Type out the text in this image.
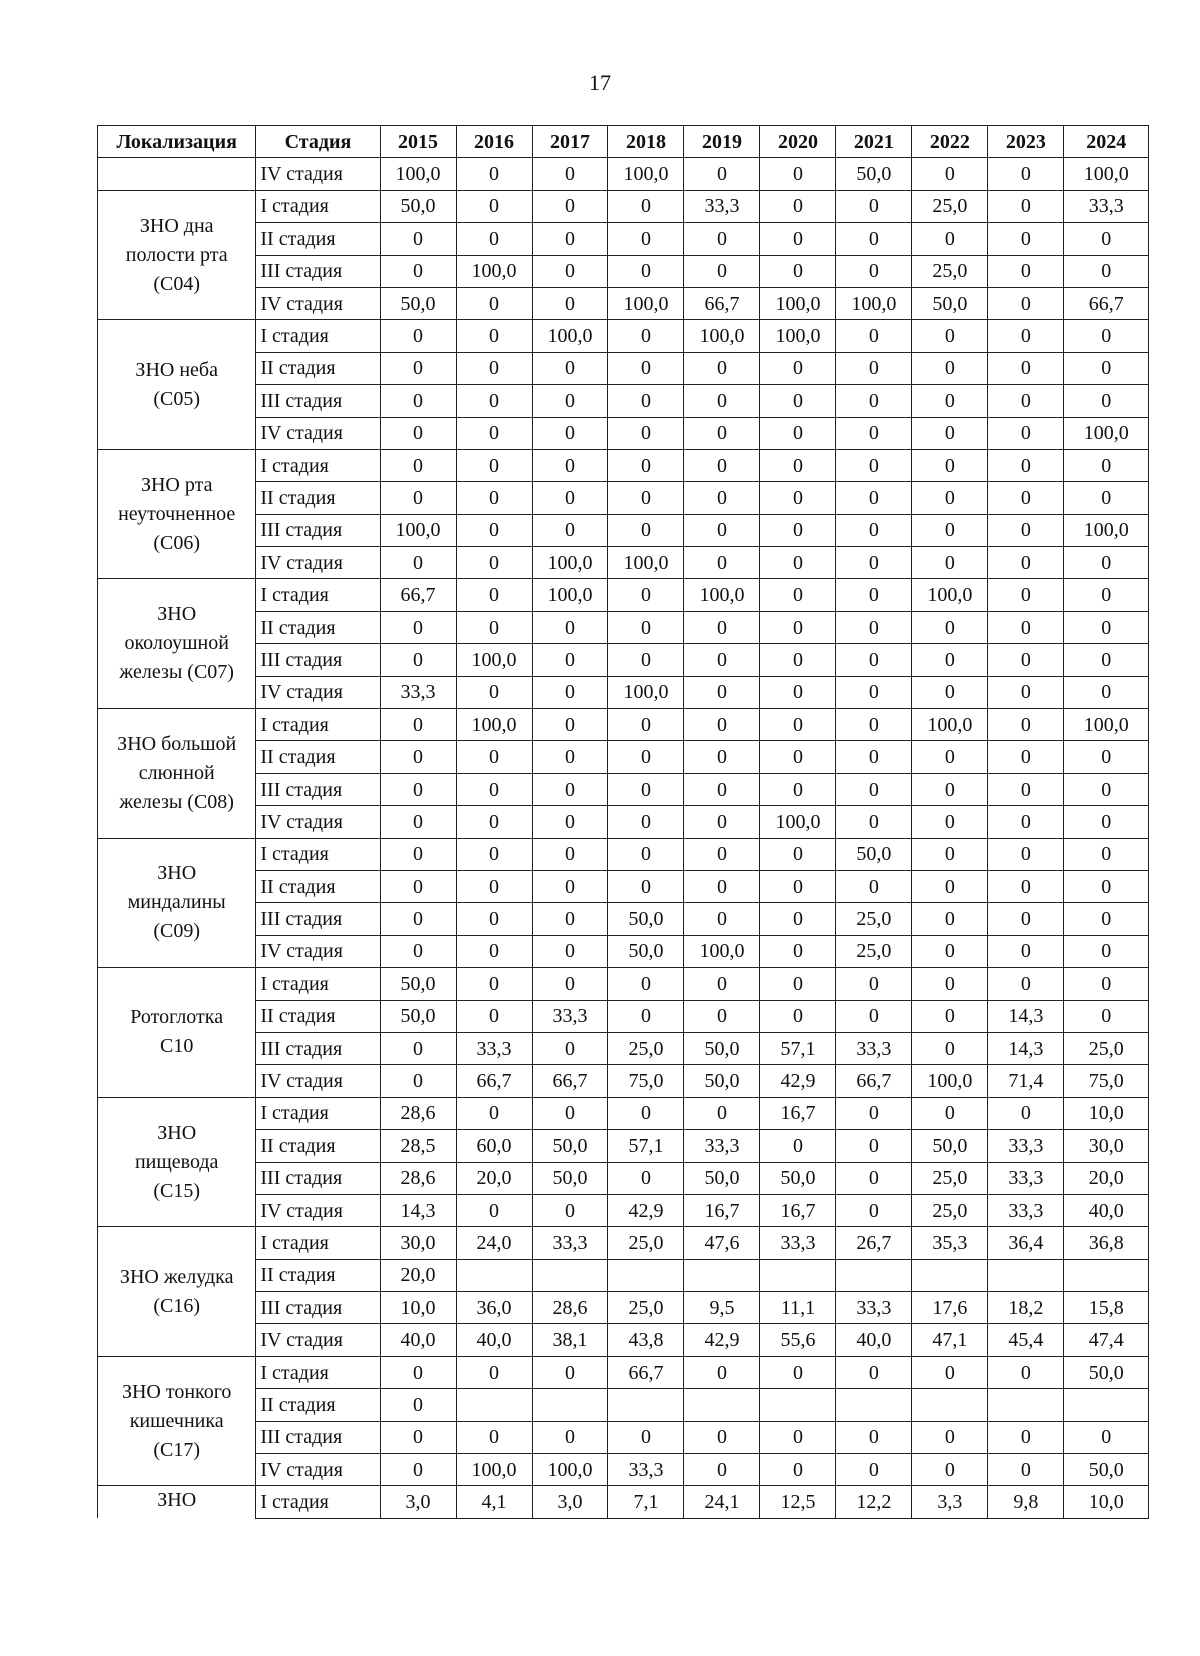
17
Локализация	Стадия	2015	2016	2017	2018	2019	2020	2021	2022	2023	2024
	IV стадия	100,0	0	0	100,0	0	0	50,0	0	0	100,0

ЗНО дна
полости рта
(С04)	I стадия	50,0	0	0	0	33,3	0	0	25,0	0	33,3
	II стадия	0	0	0	0	0	0	0	0	0	0
	III стадия	0	100,0	0	0	0	0	0	25,0	0	0
	IV стадия	50,0	0	0	100,0	66,7	100,0	100,0	50,0	0	66,7

ЗНО неба
(С05)	I стадия	0	0	100,0	0	100,0	100,0	0	0	0	0
	II стадия	0	0	0	0	0	0	0	0	0	0
	III стадия	0	0	0	0	0	0	0	0	0	0
	IV стадия	0	0	0	0	0	0	0	0	0	100,0

ЗНО рта
неуточненное
(С06)	I стадия	0	0	0	0	0	0	0	0	0	0
	II стадия	0	0	0	0	0	0	0	0	0	0
	III стадия	100,0	0	0	0	0	0	0	0	0	100,0
	IV стадия	0	0	100,0	100,0	0	0	0	0	0	0

ЗНО
околоушной
железы (С07)	I стадия	66,7	0	100,0	0	100,0	0	0	100,0	0	0
	II стадия	0	0	0	0	0	0	0	0	0	0
	III стадия	0	100,0	0	0	0	0	0	0	0	0
	IV стадия	33,3	0	0	100,0	0	0	0	0	0	0

ЗНО большой
слюнной
железы (С08)	I стадия	0	100,0	0	0	0	0	0	100,0	0	100,0
	II стадия	0	0	0	0	0	0	0	0	0	0
	III стадия	0	0	0	0	0	0	0	0	0	0
	IV стадия	0	0	0	0	0	100,0	0	0	0	0

ЗНО
миндалины
(С09)	I стадия	0	0	0	0	0	0	50,0	0	0	0
	II стадия	0	0	0	0	0	0	0	0	0	0
	III стадия	0	0	0	50,0	0	0	25,0	0	0	0
	IV стадия	0	0	0	50,0	100,0	0	25,0	0	0	0

Ротоглотка
С10	I стадия	50,0	0	0	0	0	0	0	0	0	0
	II стадия	50,0	0	33,3	0	0	0	0	0	14,3	0
	III стадия	0	33,3	0	25,0	50,0	57,1	33,3	0	14,3	25,0
	IV стадия	0	66,7	66,7	75,0	50,0	42,9	66,7	100,0	71,4	75,0

ЗНО
пищевода
(С15)	I стадия	28,6	0	0	0	0	16,7	0	0	0	10,0
	II стадия	28,5	60,0	50,0	57,1	33,3	0	0	50,0	33,3	30,0
	III стадия	28,6	20,0	50,0	0	50,0	50,0	0	25,0	33,3	20,0
	IV стадия	14,3	0	0	42,9	16,7	16,7	0	25,0	33,3	40,0

ЗНО желудка
(С16)	I стадия	30,0	24,0	33,3	25,0	47,6	33,3	26,7	35,3	36,4	36,8
	II стадия	20,0									
	III стадия	10,0	36,0	28,6	25,0	9,5	11,1	33,3	17,6	18,2	15,8
	IV стадия	40,0	40,0	38,1	43,8	42,9	55,6	40,0	47,1	45,4	47,4

ЗНО тонкого
кишечника
(С17)	I стадия	0	0	0	66,7	0	0	0	0	0	50,0
	II стадия	0									
	III стадия	0	0	0	0	0	0	0	0	0	0
	IV стадия	0	100,0	100,0	33,3	0	0	0	0	0	50,0
ЗНО	I стадия	3,0	4,1	3,0	7,1	24,1	12,5	12,2	3,3	9,8	10,0
